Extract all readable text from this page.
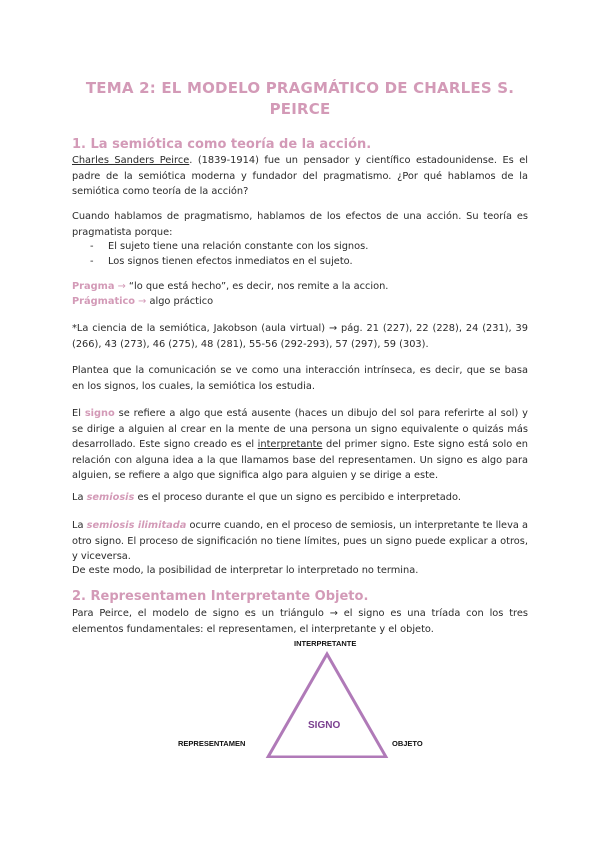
TEMA 2: EL MODELO PRAGMÁTICO DE CHARLES S. PEIRCE
1. La semiótica como teoría de la acción.

Charles Sanders Peirce. (1839-1914) fue un pensador y científico estadounidense. Es el padre de la semiótica moderna y fundador del pragmatismo. ¿Por qué hablamos de la semiótica como teoría de la acción?

Cuando hablamos de pragmatismo, hablamos de los efectos de una acción. Su teoría es pragmatista porque:

- El sujeto tiene una relación constante con los signos.
- Los signos tienen efectos inmediatos en el sujeto.

Pragma → “lo que está hecho”, es decir, nos remite a la accion.

Prágmatico → algo práctico

*La ciencia de la semiótica, Jakobson (aula virtual) → pág. 21 (227), 22 (228), 24 (231), 39 (266), 43 (273), 46 (275), 48 (281), 55-56 (292-293), 57 (297), 59 (303).

Plantea que la comunicación se ve como una interacción intrínseca, es decir, que se basa en los signos, los cuales, la semiótica los estudia.

El signo se refiere a algo que está ausente (haces un dibujo del sol para referirte al sol) y se dirige a alguien al crear en la mente de una persona un signo equivalente o quizás más desarrollado. Este signo creado es el interpretante del primer signo. Este signo está solo en relación con alguna idea a la que llamamos base del representamen. Un signo es algo para alguien, se refiere a algo que significa algo para alguien y se dirige a este.

La semiosis es el proceso durante el que un signo es percibido e interpretado.

La semiosis ilimitada ocurre cuando, en el proceso de semiosis, un interpretante te lleva a otro signo. El proceso de significación no tiene límites, pues un signo puede explicar a otros, y viceversa.

De este modo, la posibilidad de interpretar lo interpretado no termina.

2. Representamen Interpretante Objeto.

Para Peirce, el modelo de signo es un triángulo → el signo es una tríada con los tres elementos fundamentales: el representamen, el interpretante y el objeto.

INTERPRETANTE
SIGNO
REPRESENTAMEN	OBJETO
